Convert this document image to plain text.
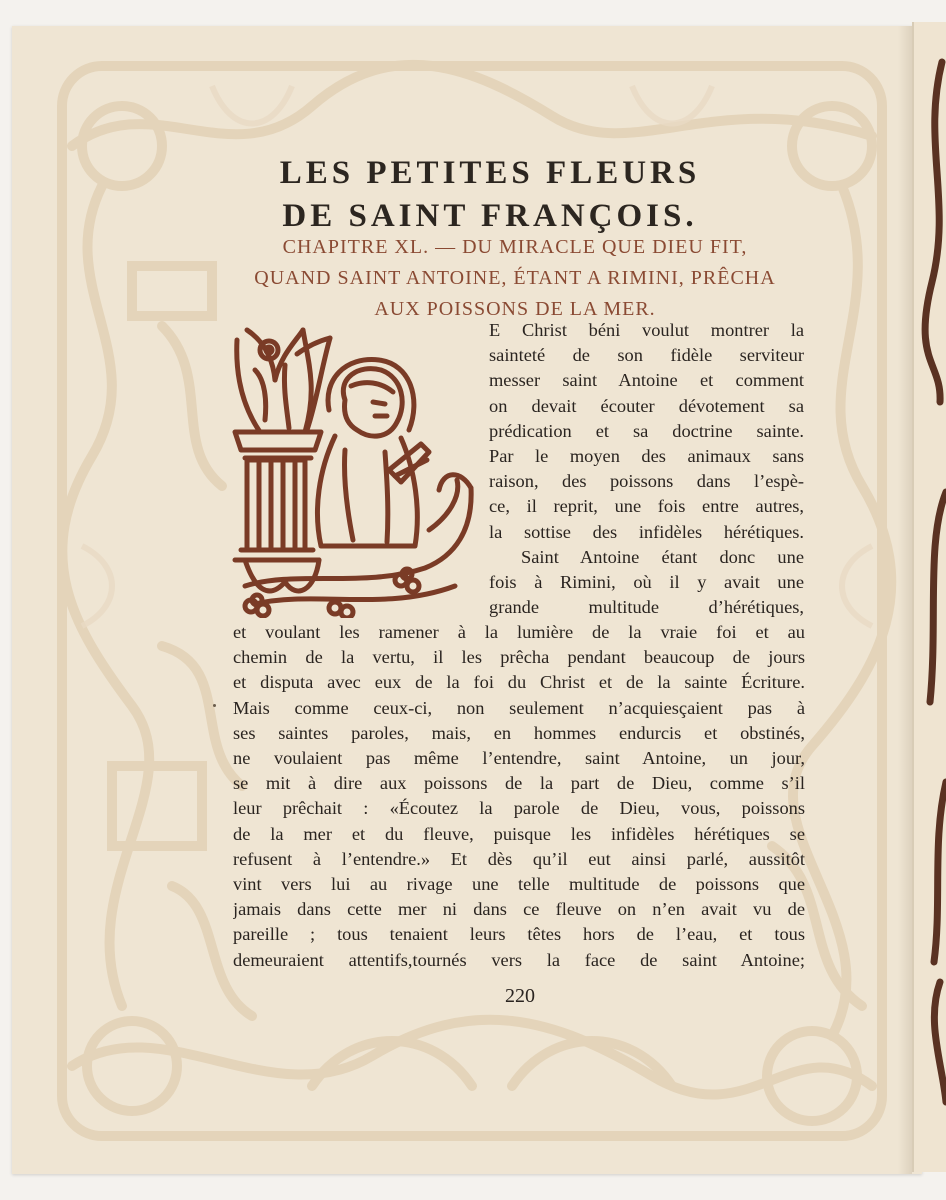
LES PETITES FLEURS
DE SAINT FRANÇOIS.
CHAPITRE XL. — DU MIRACLE QUE DIEU FIT,
QUAND SAINT ANTOINE, ÉTANT A RIMINI, PRÊCHA
AUX POISSONS DE LA MER.
E Christ béni voulut montrer la
sainteté de son fidèle serviteur
messer saint Antoine et comment
on devait écouter dévotement sa
prédication et sa doctrine sainte.
Par le moyen des animaux sans
raison, des poissons dans l’espè-
ce, il reprit, une fois entre autres,
la sottise des infidèles hérétiques.
Saint Antoine étant donc une
fois à Rimini, où il y avait une
grande multitude d’hérétiques,
et voulant les ramener à la lumière de la vraie foi et au
chemin de la vertu, il les prêcha pendant beaucoup de jours
et disputa avec eux de la foi du Christ et de la sainte Écriture.
Mais comme ceux-ci, non seulement n’acquiesçaient pas à
ses saintes paroles, mais, en hommes endurcis et obstinés,
ne voulaient pas même l’entendre, saint Antoine, un jour,
se mit à dire aux poissons de la part de Dieu, comme s’il
leur prêchait : «Écoutez la parole de Dieu, vous, poissons
de la mer et du fleuve, puisque les infidèles hérétiques se
refusent à l’entendre.» Et dès qu’il eut ainsi parlé, aussitôt
vint vers lui au rivage une telle multitude de poissons que
jamais dans cette mer ni dans ce fleuve on n’en avait vu de
pareille ; tous tenaient leurs têtes hors de l’eau, et tous
demeuraient attentifs,tournés vers la face de saint Antoine;
220
